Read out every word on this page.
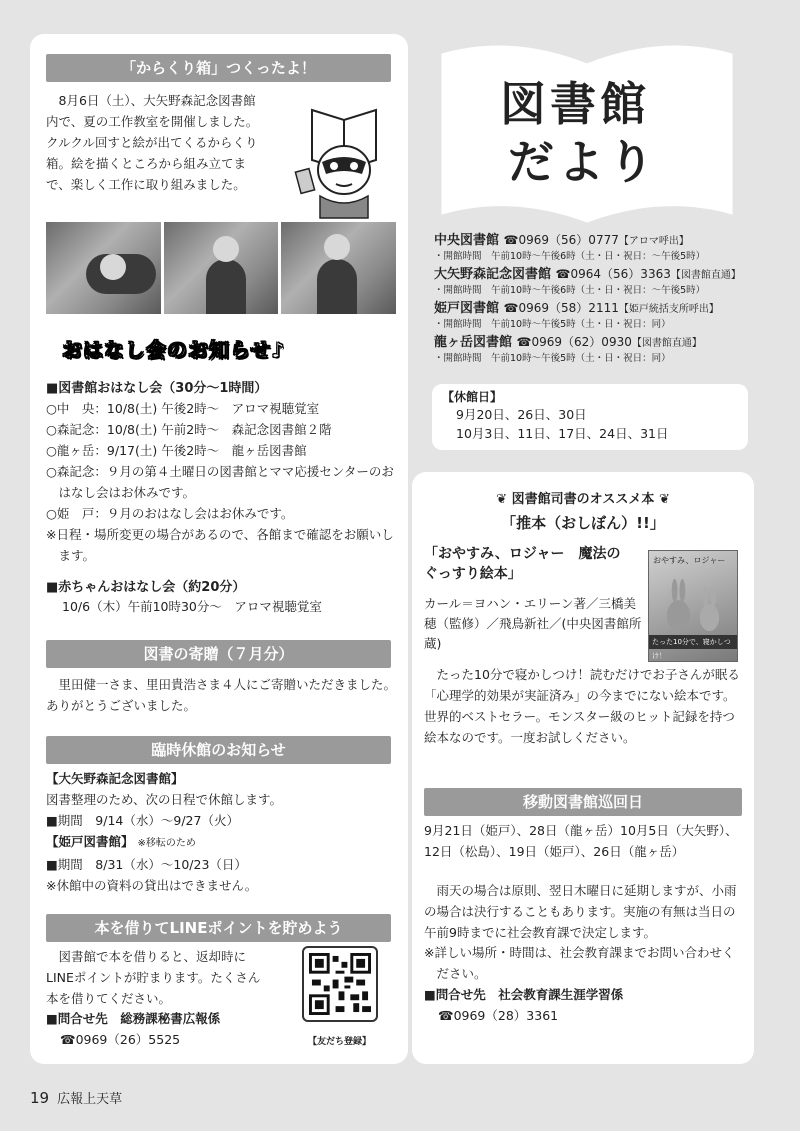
「からくり箱」つくったよ！

8月6日（土）、大矢野森記念図書館内で、夏の工作教室を開催しました。クルクル回すと絵が出てくるからくり箱。絵を描くところから組み立てまで、楽しく工作に取り組みました。

おはなし会のお知らせ♪
■図書館おはなし会（30分～1時間）
○中　央：10/8(土) 午後2時～　アロマ視聴覚室
○森記念：10/8(土) 午前2時～　森記念図書館２階
○龍ヶ岳：9/17(土) 午後2時～　龍ヶ岳図書館
○森記念：９月の第４土曜日の図書館とママ応援センターのおはなし会はお休みです。
○姫　戸：９月のおはなし会はお休みです。
※日程・場所変更の場合があるので、各館まで確認をお願いします。
■赤ちゃんおはなし会（約20分）
10/6（木）午前10時30分～　アロマ視聴覚室
図書の寄贈（７月分）

里田健一さま、里田貴浩さま４人にご寄贈いただきました。ありがとうございました。

臨時休館のお知らせ
【大矢野森記念図書館】
図書整理のため、次の日程で休館します。
■期間　9/14（水）～9/27（火）
【姫戸図書館】 ※移転のため
■期間　8/31（水）～10/23（日）
※休館中の資料の貸出はできません。
本を借りてLINEポイントを貯めよう

図書館で本を借りると、返却時にLINEポイントが貯まります。たくさん本を借りてください。

■問合せ先　総務課秘書広報係
☎0969（26）5525	【友だち登録】
図書館
だより
中央図書館 ☎0969（56）0777【アロマ呼出】
・開館時間　午前10時～午後6時（土・日・祝日：～午後5時）
大矢野森記念図書館 ☎0964（56）3363【図書館直通】
・開館時間　午前10時～午後6時（土・日・祝日：～午後5時）
姫戸図書館 ☎0969（58）2111【姫戸統括支所呼出】
・開館時間　午前10時～午後5時（土・日・祝日：同）
龍ヶ岳図書館 ☎0969（62）0930【図書館直通】
・開館時間　午前10時～午後5時（土・日・祝日：同）
【休館日】
9月20日、26日、30日
10月3日、11日、17日、24日、31日
❦ 図書館司書のオススメ本 ❦
「推本（おしぼん）!!」
「おやすみ、ロジャー　魔法のぐっすり絵本」
おやすみ、ロジャー
たった10分で、寝かしつけ！
カール＝ヨハン・エリーン著／三橋美穂（監修）／飛鳥新社／(中央図書館所蔵)

たった10分で寝かしつけ！読むだけでお子さんが眠る「心理学的効果が実証済み」の今までにない絵本です。世界的ベストセラー。モンスター級のヒット記録を持つ絵本なのです。一度お試しください。

移動図書館巡回日

9月21日（姫戸）、28日（龍ヶ岳）10月5日（大矢野）、12日（松島）、19日（姫戸）、26日（龍ヶ岳）

雨天の場合は原則、翌日木曜日に延期しますが、小雨の場合は決行することもあります。実施の有無は当日の午前9時までに社会教育課で決定します。

※詳しい場所・時間は、社会教育課までお問い合わせください。

■問合せ先　社会教育課生涯学習係
☎0969（28）3361
19 広報上天草
